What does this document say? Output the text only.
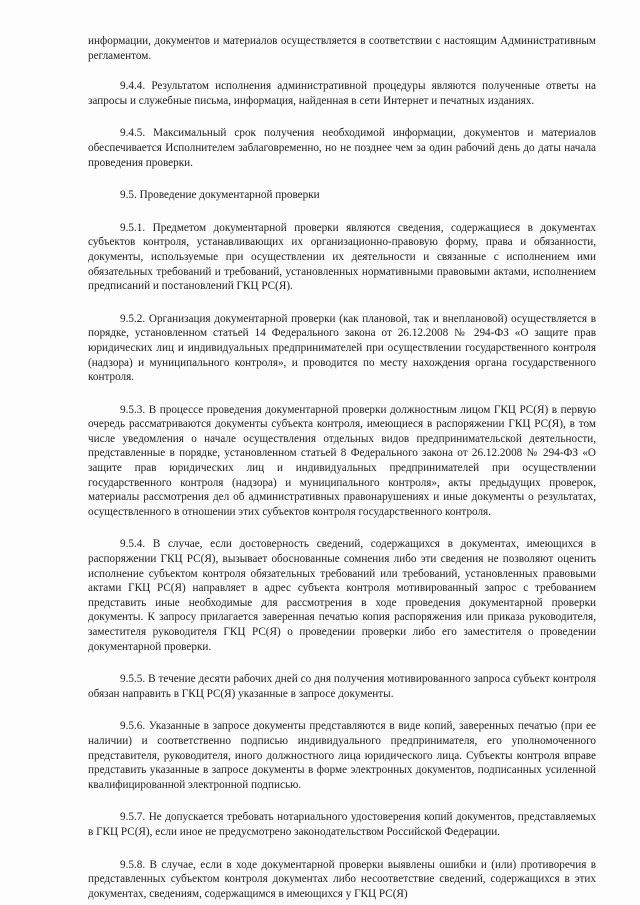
информации, документов и материалов осуществляется в соответствии с настоящим Административным регламентом.

9.4.4. Результатом исполнения административной процедуры являются полученные ответы на запросы и служебные письма, информация, найденная в сети Интернет и печатных изданиях.

9.4.5. Максимальный срок получения необходимой информации, документов и материалов обеспечивается Исполнителем заблаговременно, но не позднее чем за один рабочий день до даты начала проведения проверки.

9.5. Проведение документарной проверки

9.5.1. Предметом документарной проверки являются сведения, содержащиеся в документах субъектов контроля, устанавливающих их организационно-правовую форму, права и обязанности, документы, используемые при осуществлении их деятельности и связанные с исполнением ими обязательных требований и требований, установленных нормативными правовыми актами, исполнением предписаний и постановлений ГКЦ РС(Я).

9.5.2. Организация документарной проверки (как плановой, так и внеплановой) осуществляется в порядке, установленном статьей 14 Федерального закона от 26.12.2008 № 294-ФЗ «О защите прав юридических лиц и индивидуальных предпринимателей при осуществлении государственного контроля (надзора) и муниципального контроля», и проводится по месту нахождения органа государственного контроля.

9.5.3. В процессе проведения документарной проверки должностным лицом ГКЦ РС(Я) в первую очередь рассматриваются документы субъекта контроля, имеющиеся в распоряжении ГКЦ РС(Я), в том числе уведомления о начале осуществления отдельных видов предпринимательской деятельности, представленные в порядке, установленном статьей 8 Федерального закона от 26.12.2008 № 294-ФЗ «О защите прав юридических лиц и индивидуальных предпринимателей при осуществлении государственного контроля (надзора) и муниципального контроля», акты предыдущих проверок, материалы рассмотрения дел об административных правонарушениях и иные документы о результатах, осуществленного в отношении этих субъектов контроля государственного контроля.

9.5.4. В случае, если достоверность сведений, содержащихся в документах, имеющихся в распоряжении ГКЦ РС(Я), вызывает обоснованные сомнения либо эти сведения не позволяют оценить исполнение субъектом контроля обязательных требований или требований, установленных правовыми актами ГКЦ РС(Я) направляет в адрес субъекта контроля мотивированный запрос с требованием представить иные необходимые для рассмотрения в ходе проведения документарной проверки документы. К запросу прилагается заверенная печатью копия распоряжения или приказа руководителя, заместителя руководителя ГКЦ РС(Я) о проведении проверки либо его заместителя о проведении документарной проверки.

9.5.5. В течение десяти рабочих дней со дня получения мотивированного запроса субъект контроля обязан направить в ГКЦ РС(Я) указанные в запросе документы.

9.5.6. Указанные в запросе документы представляются в виде копий, заверенных печатью (при ее наличии) и соответственно подписью индивидуального предпринимателя, его уполномоченного представителя, руководителя, иного должностного лица юридического лица. Субъекты контроля вправе представить указанные в запросе документы в форме электронных документов, подписанных усиленной квалифицированной электронной подписью.

9.5.7. Не допускается требовать нотариального удостоверения копий документов, представляемых в ГКЦ РС(Я), если иное не предусмотрено законодательством Российской Федерации.

9.5.8. В случае, если в ходе документарной проверки выявлены ошибки и (или) противоречия в представленных субъектом контроля документах либо несоответствие сведений, содержащихся в этих документах, сведениям, содержащимся в имеющихся у ГКЦ РС(Я)
